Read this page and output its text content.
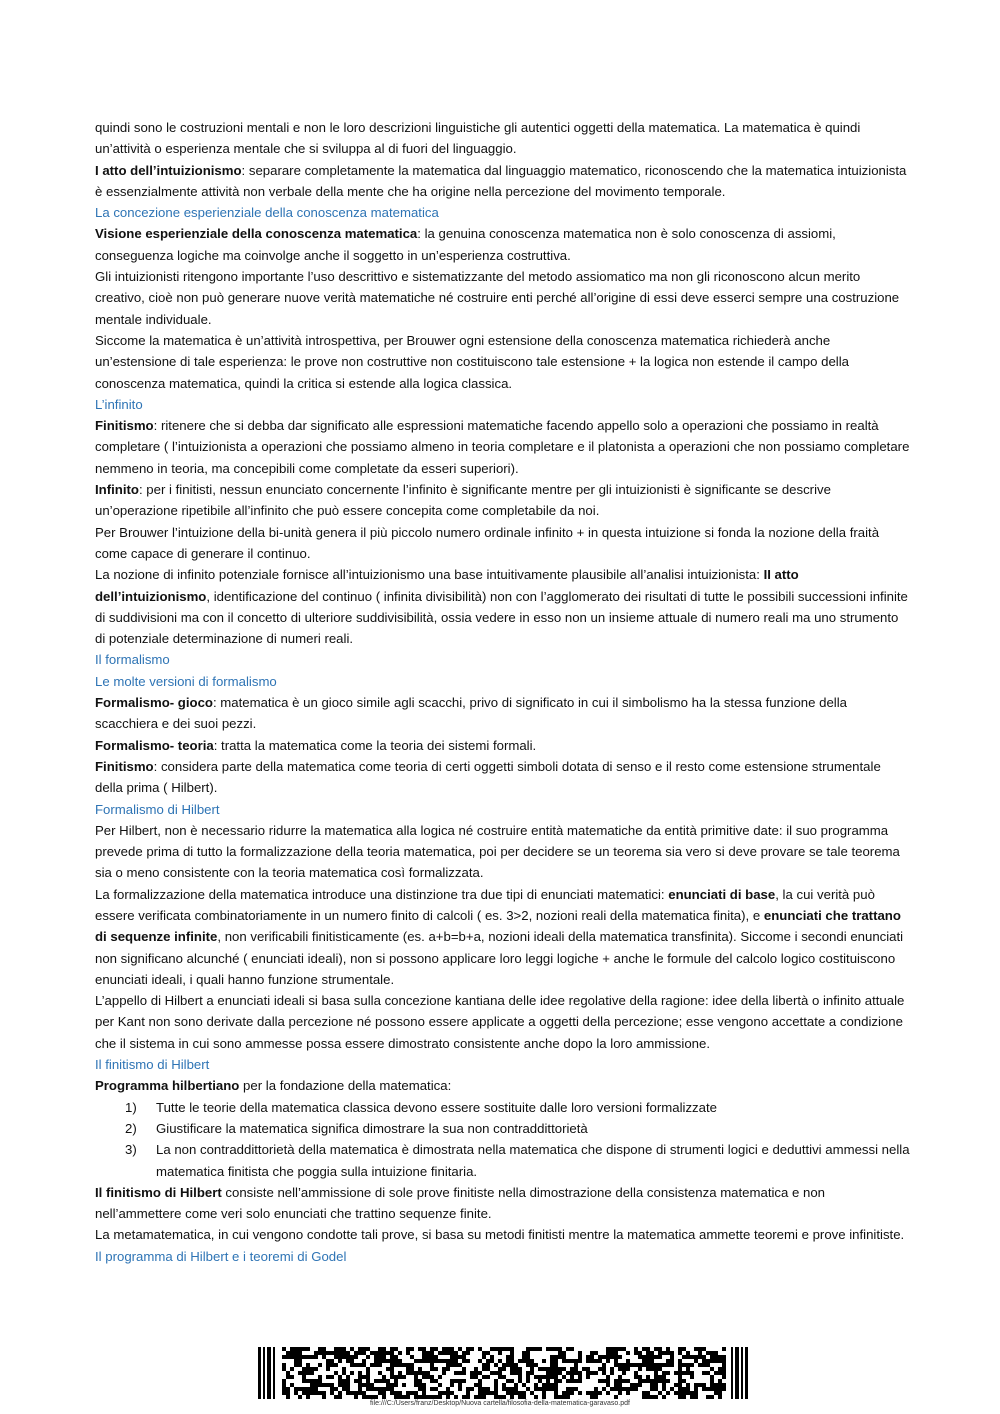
quindi sono le costruzioni mentali e non le loro descrizioni linguistiche gli autentici oggetti della matematica. La matematica è quindi un’attività o esperienza mentale che si sviluppa al di fuori del linguaggio.

I atto dell’intuizionismo: separare completamente la matematica dal linguaggio matematico, riconoscendo che la matematica intuizionista è essenzialmente attività non verbale della mente che ha origine nella percezione del movimento temporale.

La concezione esperienziale della conoscenza matematica

Visione esperienziale della conoscenza matematica: la genuina conoscenza matematica non è solo conoscenza di assiomi, conseguenza logiche ma coinvolge anche il soggetto in un’esperienza costruttiva.

Gli intuizionisti ritengono importante l’uso descrittivo e sistematizzante del metodo assiomatico ma non gli riconoscono alcun merito creativo, cioè non può generare nuove verità matematiche né costruire enti perché all’origine di essi deve esserci sempre una costruzione mentale individuale.

Siccome la matematica è un’attività introspettiva, per Brouwer ogni estensione della conoscenza matematica richiederà anche un’estensione di tale esperienza: le prove non costruttive non costituiscono tale estensione + la logica non estende il campo della conoscenza matematica, quindi la critica si estende alla logica classica.

L’infinito

Finitismo: ritenere che si debba dar significato alle espressioni matematiche facendo appello solo a operazioni che possiamo in realtà completare ( l’intuizionista a operazioni che possiamo almeno in teoria completare e il platonista a operazioni che non possiamo completare nemmeno in teoria, ma concepibili come completate da esseri superiori).

Infinito: per i finitisti, nessun enunciato concernente l’infinito è significante mentre per gli intuizionisti è significante se descrive un’operazione ripetibile all’infinito che può essere concepita come completabile da noi.

Per Brouwer l’intuizione della bi-unità genera il più piccolo numero ordinale infinito + in questa intuizione si fonda la nozione della fraità come capace di generare il continuo.

La nozione di infinito potenziale fornisce all’intuizionismo una base intuitivamente plausibile all’analisi intuizionista: II atto dell’intuizionismo, identificazione del continuo ( infinita divisibilità) non con l’agglomerato dei risultati di tutte le possibili successioni infinite di suddivisioni ma con il concetto di ulteriore suddivisibilità, ossia vedere in esso non un insieme attuale di numero reali ma uno strumento di potenziale determinazione di numeri reali.

Il formalismo

Le molte versioni di formalismo

Formalismo- gioco: matematica è un gioco simile agli scacchi, privo di significato in cui il simbolismo ha la stessa funzione della scacchiera e dei suoi pezzi.

Formalismo- teoria: tratta la matematica come la teoria dei sistemi formali.

Finitismo: considera parte della matematica come teoria di certi oggetti simboli dotata di senso e il resto come estensione strumentale della prima ( Hilbert).

Formalismo di Hilbert

Per Hilbert, non è necessario ridurre la matematica alla logica né costruire entità matematiche da entità primitive date: il suo programma prevede prima di tutto la formalizzazione della teoria matematica, poi per decidere se un teorema sia vero si deve provare se tale teorema sia o meno consistente con la teoria matematica così formalizzata.

La formalizzazione della matematica introduce una distinzione tra due tipi di enunciati matematici: enunciati di base, la cui verità può essere verificata combinatoriamente in un numero finito di calcoli ( es. 3>2, nozioni reali della matematica finita), e enunciati che trattano di sequenze infinite, non verificabili finitisticamente (es. a+b=b+a, nozioni ideali della matematica transfinita). Siccome i secondi enunciati non significano alcunché ( enunciati ideali), non si possono applicare loro leggi logiche + anche le formule del calcolo logico costituiscono enunciati ideali, i quali hanno funzione strumentale.

L’appello di Hilbert a enunciati ideali si basa sulla concezione kantiana delle idee regolative della ragione: idee della libertà o infinito attuale per Kant non sono derivate dalla percezione né possono essere applicate a oggetti della percezione; esse vengono accettate a condizione che il sistema in cui sono ammesse possa essere dimostrato consistente anche dopo la loro ammissione.

Il finitismo di Hilbert

Programma hilbertiano per la fondazione della matematica:

1) Tutte le teorie della matematica classica devono essere sostituite dalle loro versioni formalizzate
2) Giustificare la matematica significa dimostrare la sua non contraddittorietà
3) La non contraddittorietà della matematica è dimostrata nella matematica che dispone di strumenti logici e deduttivi ammessi nella matematica finitista che poggia sulla intuizione finitaria.

Il finitismo di Hilbert consiste nell’ammissione di sole prove finitiste nella dimostrazione della consistenza matematica e non nell’ammettere come veri solo enunciati che trattino sequenze finite.

La metamatematica, in cui vengono condotte tali prove, si basa su metodi finitisti mentre la matematica ammette teoremi e prove infinitiste.

Il programma di Hilbert e i teoremi di Godel

file:///C:/Users/franz/Desktop/Nuova cartella/filosofia-della-matematica-garavaso.pdf
